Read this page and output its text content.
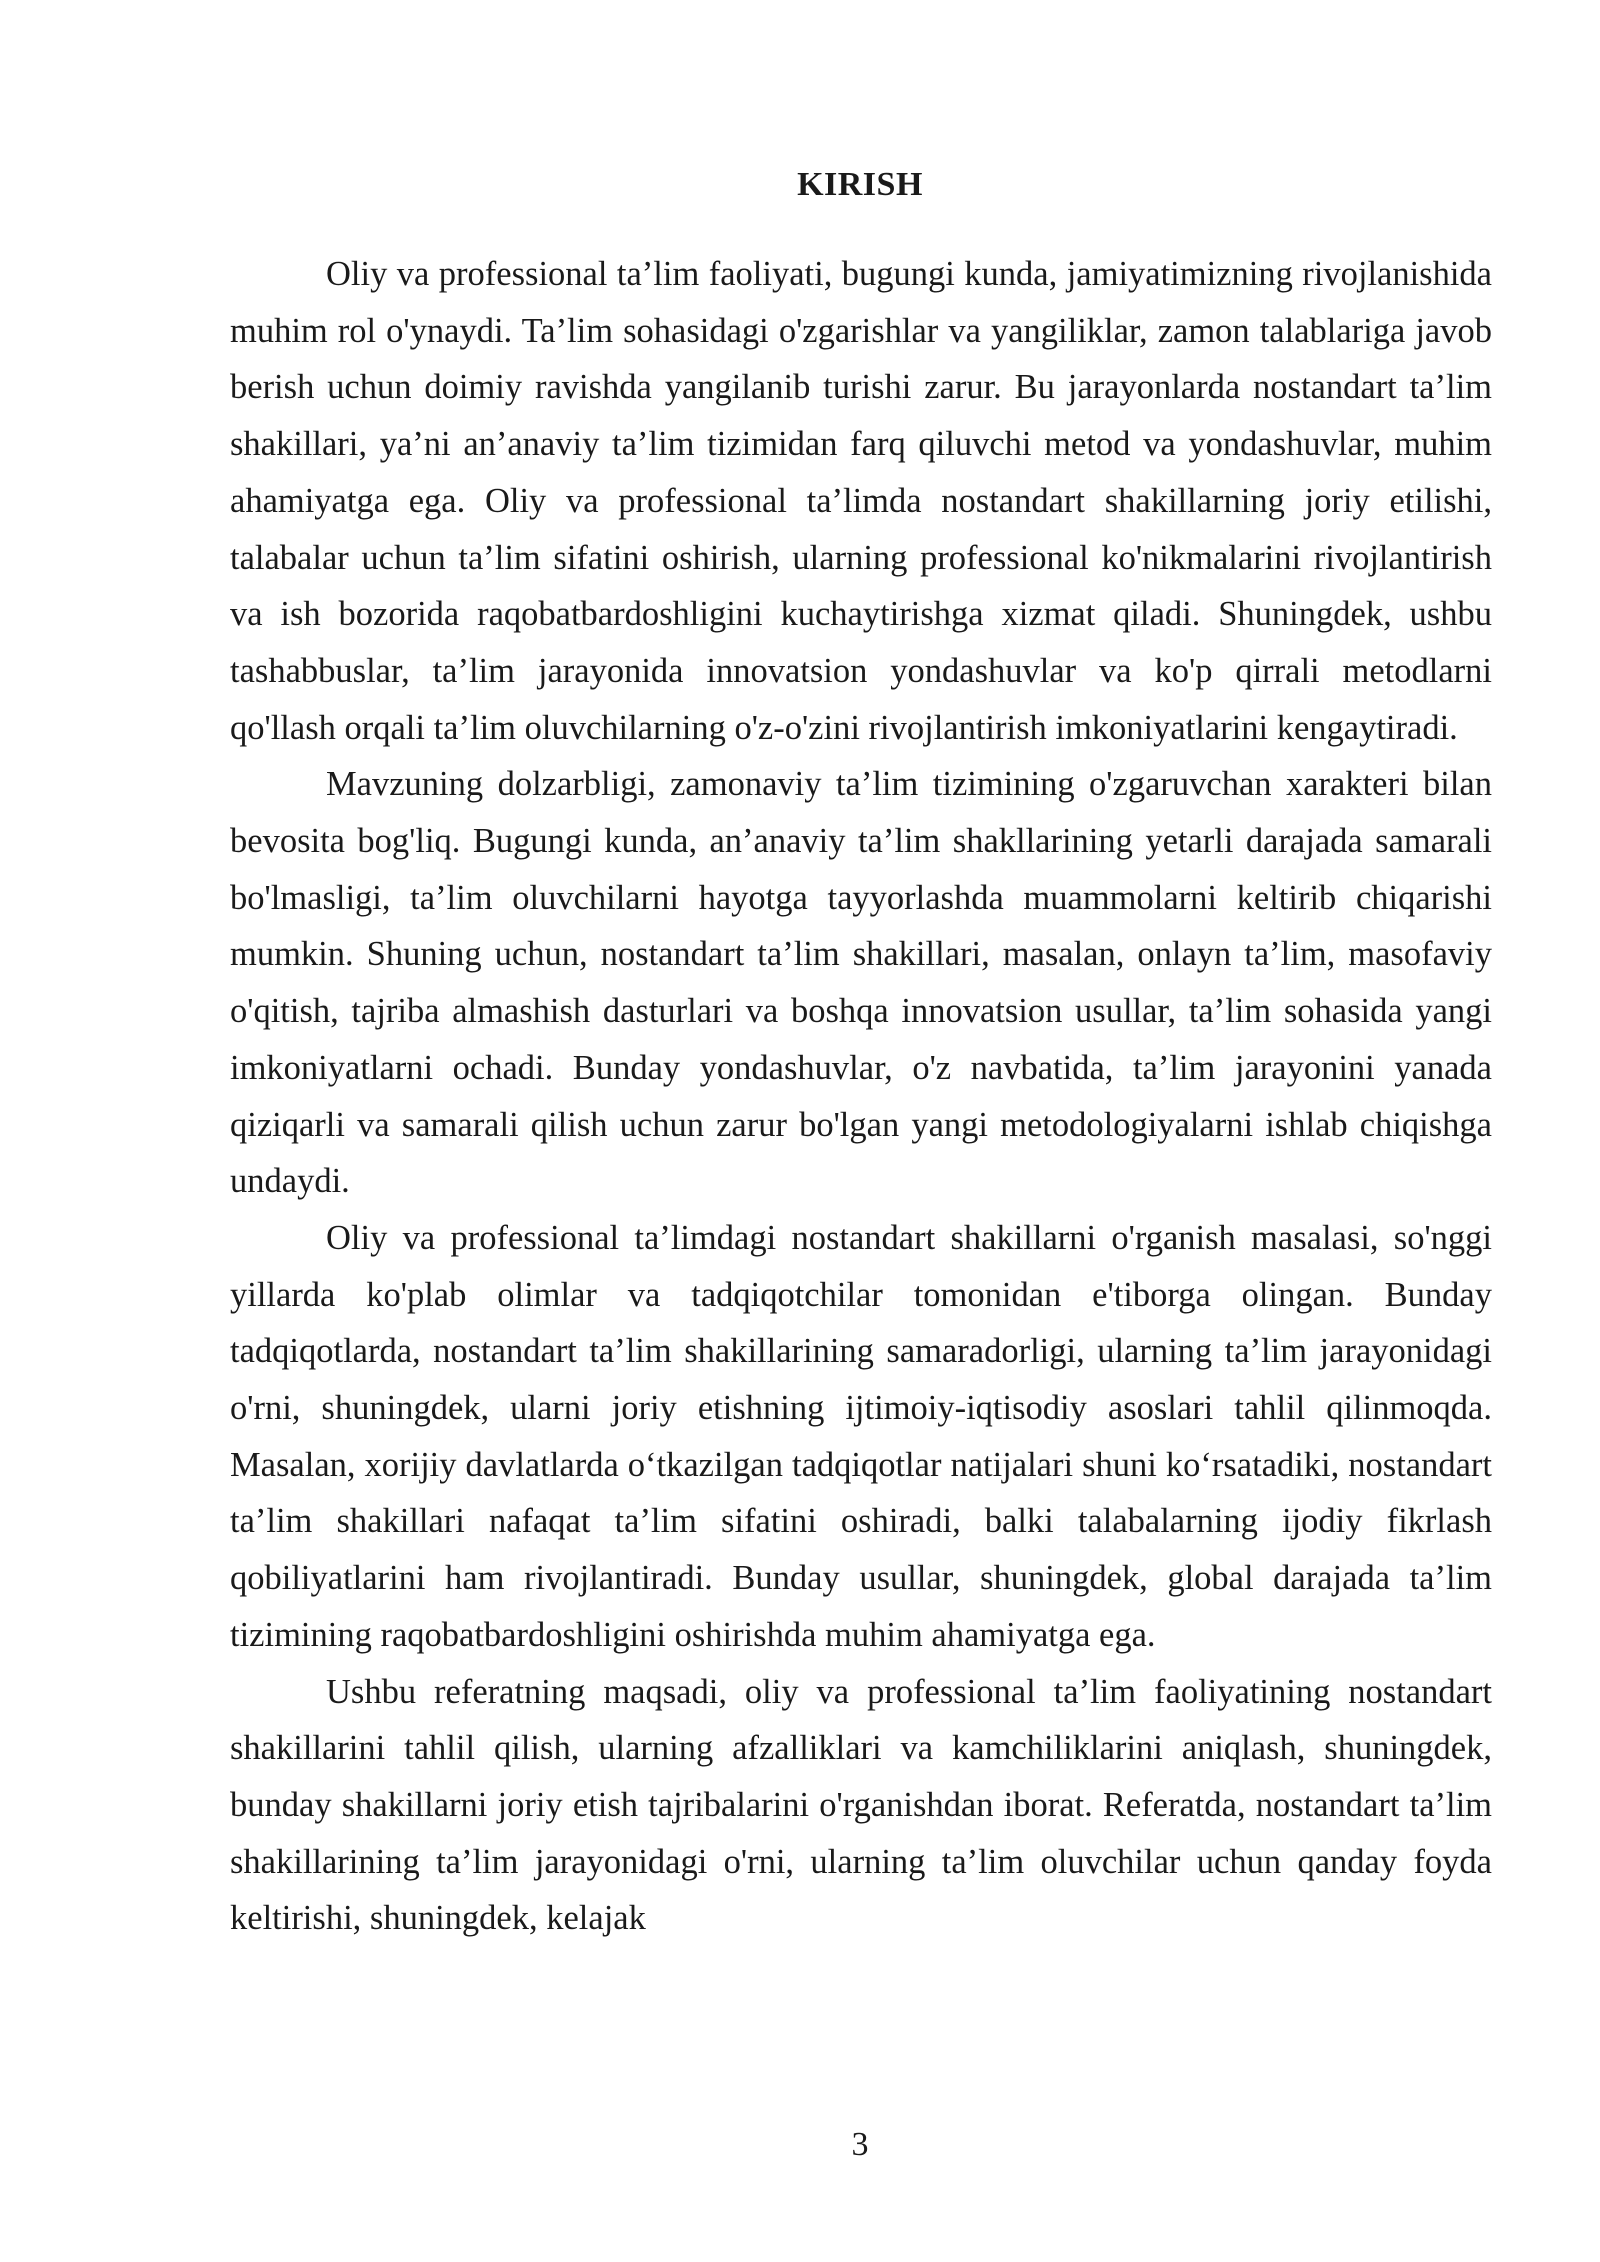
KIRISH

Oliy va professional ta’lim faoliyati, bugungi kunda, jamiyatimizning rivojlanishida muhim rol o'ynaydi. Ta’lim sohasidagi o'zgarishlar va yangiliklar, zamon talablariga javob berish uchun doimiy ravishda yangilanib turishi zarur. Bu jarayonlarda nostandart ta’lim shakillari, ya’ni an’anaviy ta’lim tizimidan farq qiluvchi metod va yondashuvlar, muhim ahamiyatga ega. Oliy va professional ta’limda nostandart shakillarning joriy etilishi, talabalar uchun ta’lim sifatini oshirish, ularning professional ko'nikmalarini rivojlantirish va ish bozorida raqobatbardoshligini kuchaytirishga xizmat qiladi. Shuningdek, ushbu tashabbuslar, ta’lim jarayonida innovatsion yondashuvlar va ko'p qirrali metodlarni qo'llash orqali ta’lim oluvchilarning o'z-o'zini rivojlantirish imkoniyatlarini kengaytiradi.

Mavzuning dolzarbligi, zamonaviy ta’lim tizimining o'zgaruvchan xarakteri bilan bevosita bog'liq. Bugungi kunda, an’anaviy ta’lim shakllarining yetarli darajada samarali bo'lmasligi, ta’lim oluvchilarni hayotga tayyorlashda muammolarni keltirib chiqarishi mumkin. Shuning uchun, nostandart ta’lim shakillari, masalan, onlayn ta’lim, masofaviy o'qitish, tajriba almashish dasturlari va boshqa innovatsion usullar, ta’lim sohasida yangi imkoniyatlarni ochadi. Bunday yondashuvlar, o'z navbatida, ta’lim jarayonini yanada qiziqarli va samarali qilish uchun zarur bo'lgan yangi metodologiyalarni ishlab chiqishga undaydi.

Oliy va professional ta’limdagi nostandart shakillarni o'rganish masalasi, so'nggi yillarda ko'plab olimlar va tadqiqotchilar tomonidan e'tiborga olingan. Bunday tadqiqotlarda, nostandart ta’lim shakillarining samaradorligi, ularning ta’lim jarayonidagi o'rni, shuningdek, ularni joriy etishning ijtimoiy-iqtisodiy asoslari tahlil qilinmoqda. Masalan, xorijiy davlatlarda o‘tkazilgan tadqiqotlar natijalari shuni ko‘rsatadiki, nostandart ta’lim shakillari nafaqat ta’lim sifatini oshiradi, balki talabalarning ijodiy fikrlash qobiliyatlarini ham rivojlantiradi. Bunday usullar, shuningdek, global darajada ta’lim tizimining raqobatbardoshligini oshirishda muhim ahamiyatga ega.

Ushbu referatning maqsadi, oliy va professional ta’lim faoliyatining nostandart shakillarini tahlil qilish, ularning afzalliklari va kamchiliklarini aniqlash, shuningdek, bunday shakillarni joriy etish tajribalarini o'rganishdan iborat. Referatda, nostandart ta’lim shakillarining ta’lim jarayonidagi o'rni, ularning ta’lim oluvchilar uchun qanday foyda keltirishi, shuningdek, kelajak

3
